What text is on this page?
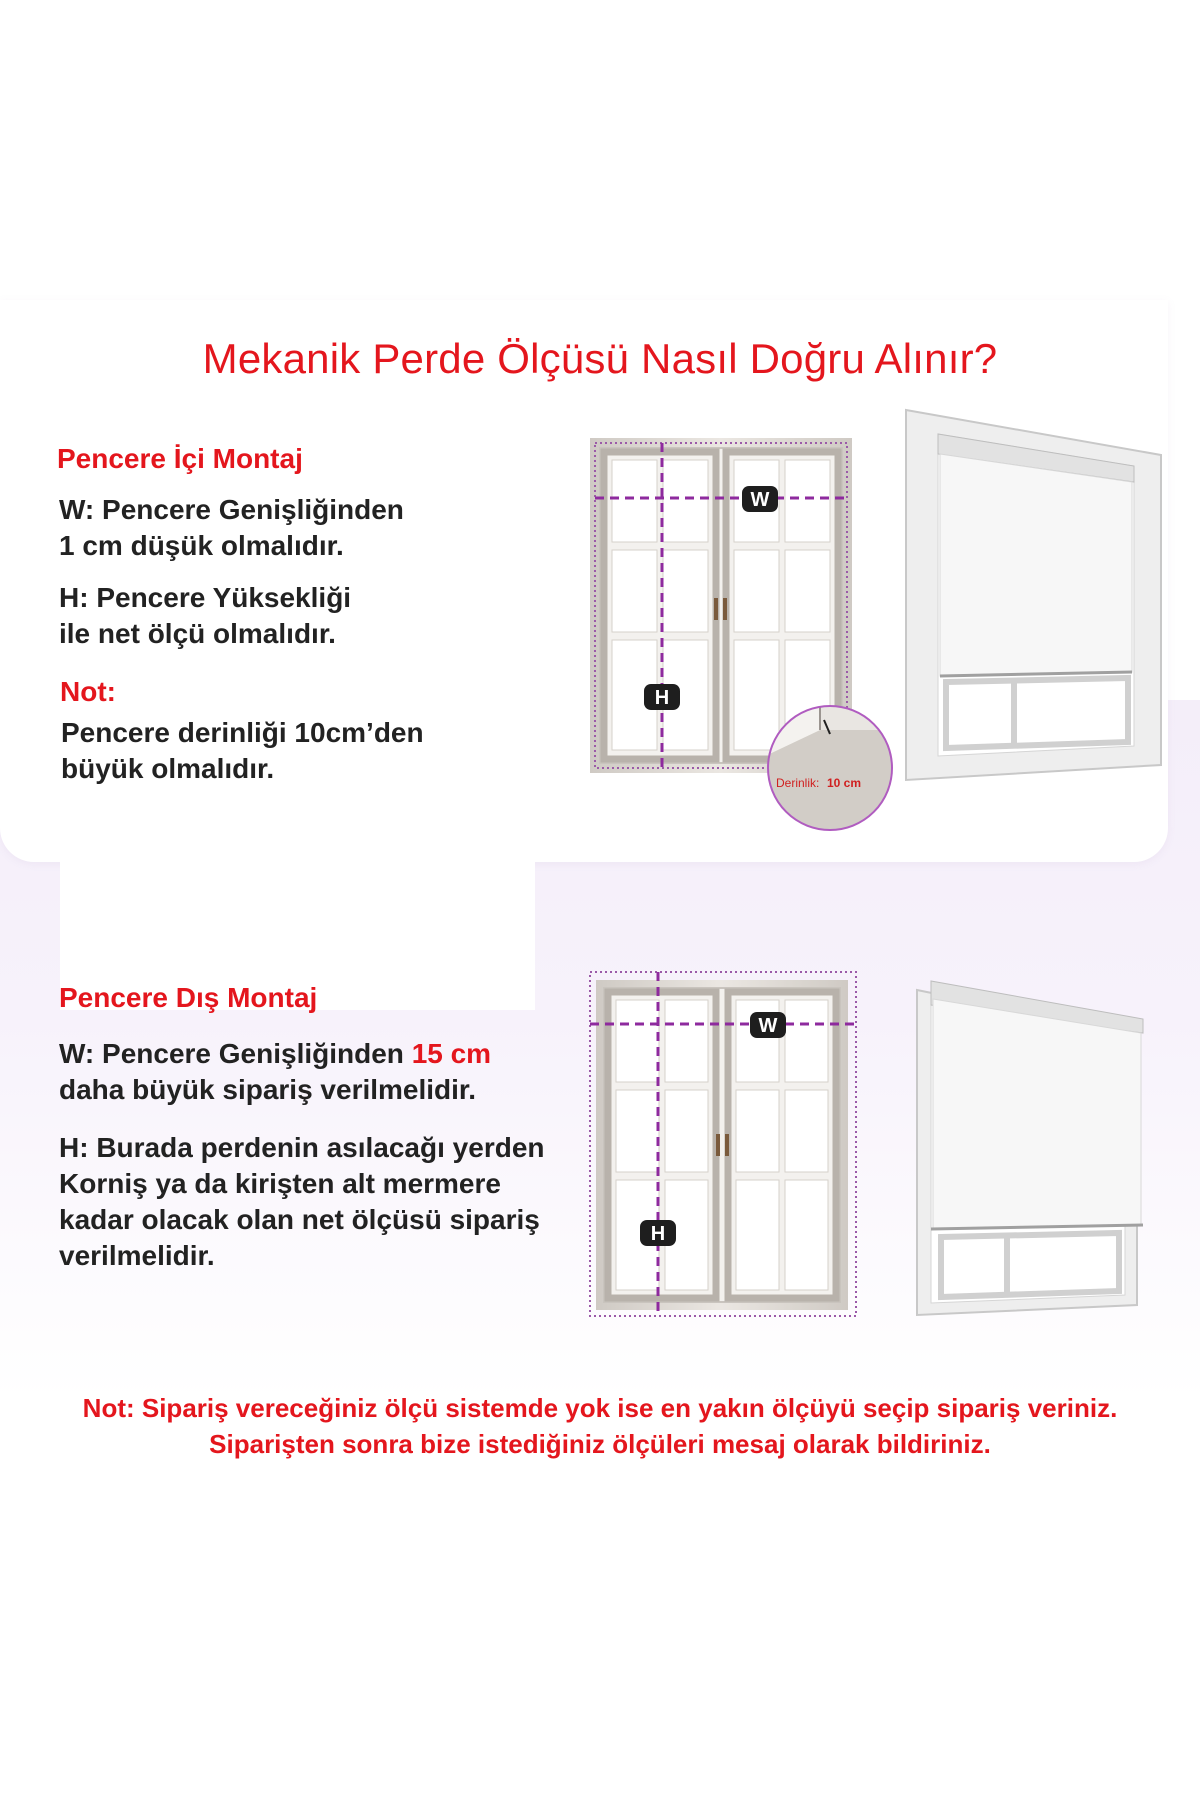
Mekanik Perde Ölçüsü Nasıl Doğru Alınır?
Pencere İçi Montaj
W: Pencere Genişliğinden
1 cm düşük olmalıdır.
H: Pencere Yüksekliği
ile net ölçü olmalıdır.
Not:
Pencere derinliği 10cm’den
büyük olmalıdır.
Pencere Dış Montaj
W: Pencere Genişliğinden 15 cm
daha büyük sipariş verilmelidir.
H: Burada perdenin asılacağı yerden
Korniş ya da kirişten alt mermere
kadar olacak olan net ölçüsü sipariş
verilmelidir.
W
H
Derinlik: 10 cm
W
H
Not: Sipariş vereceğiniz ölçü sistemde yok ise en yakın ölçüyü seçip sipariş veriniz.
Siparişten sonra bize istediğiniz ölçüleri mesaj olarak bildiriniz.
